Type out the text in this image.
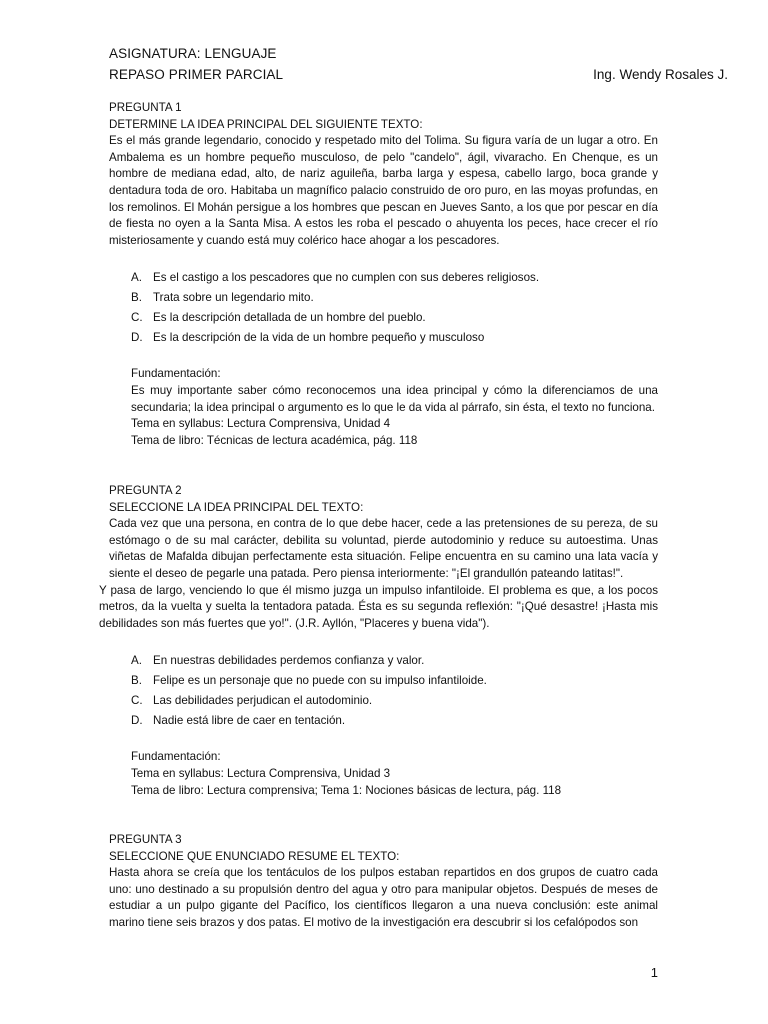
ASIGNATURA: LENGUAJE
REPASO PRIMER PARCIAL	Ing. Wendy Rosales J.

PREGUNTA 1

DETERMINE LA IDEA PRINCIPAL DEL SIGUIENTE TEXTO:

Es el más grande legendario, conocido y respetado mito del Tolima. Su figura varía de un lugar a otro. En Ambalema es un hombre pequeño musculoso, de pelo "candelo", ágil, vivaracho. En Chenque, es un hombre de mediana edad, alto, de nariz aguileña, barba larga y espesa, cabello largo, boca grande y dentadura toda de oro. Habitaba un magnífico palacio construido de oro puro, en las moyas profundas, en los remolinos. El Mohán persigue a los hombres que pescan en Jueves Santo, a los que por pescar en día de fiesta no oyen a la Santa Misa. A estos les roba el pescado o ahuyenta los peces, hace crecer el río misteriosamente y cuando está muy colérico hace ahogar a los pescadores.

A. Es el castigo a los pescadores que no cumplen con sus deberes religiosos.
B. Trata sobre un legendario mito.
C. Es la descripción detallada de un hombre del pueblo.
D. Es la descripción de la vida de un hombre pequeño y musculoso

Fundamentación:

Es muy importante saber cómo reconocemos una idea principal y cómo la diferenciamos de una secundaria; la idea principal o argumento es lo que le da vida al párrafo, sin ésta, el texto no funciona.

Tema en syllabus: Lectura Comprensiva, Unidad 4

Tema de libro: Técnicas de lectura académica, pág. 118

PREGUNTA 2

SELECCIONE LA IDEA PRINCIPAL DEL TEXTO:

Cada vez que una persona, en contra de lo que debe hacer, cede a las pretensiones de su pereza, de su estómago o de su mal carácter, debilita su voluntad, pierde autodominio y reduce su autoestima. Unas viñetas de Mafalda dibujan perfectamente esta situación. Felipe encuentra en su camino una lata vacía y siente el deseo de pegarle una patada. Pero piensa interiormente: "¡El grandullón pateando latitas!".

Y pasa de largo, venciendo lo que él mismo juzga un impulso infantiloide. El problema es que, a los pocos metros, da la vuelta y suelta la tentadora patada. Ésta es su segunda reflexión: "¡Qué desastre! ¡Hasta mis debilidades son más fuertes que yo!". (J.R. Ayllón, "Placeres y buena vida").

A. En nuestras debilidades perdemos confianza y valor.
B. Felipe es un personaje que no puede con su impulso infantiloide.
C. Las debilidades perjudican el autodominio.
D. Nadie está libre de caer en tentación.

Fundamentación:

Tema en syllabus: Lectura Comprensiva, Unidad 3

Tema de libro: Lectura comprensiva; Tema 1: Nociones básicas de lectura, pág. 118

PREGUNTA 3

SELECCIONE QUE ENUNCIADO RESUME EL TEXTO:

Hasta ahora se creía que los tentáculos de los pulpos estaban repartidos en dos grupos de cuatro cada uno: uno destinado a su propulsión dentro del agua y otro para manipular objetos. Después de meses de estudiar a un pulpo gigante del Pacífico, los científicos llegaron a una nueva conclusión: este animal marino tiene seis brazos y dos patas. El motivo de la investigación era descubrir si los cefalópodos son

1
